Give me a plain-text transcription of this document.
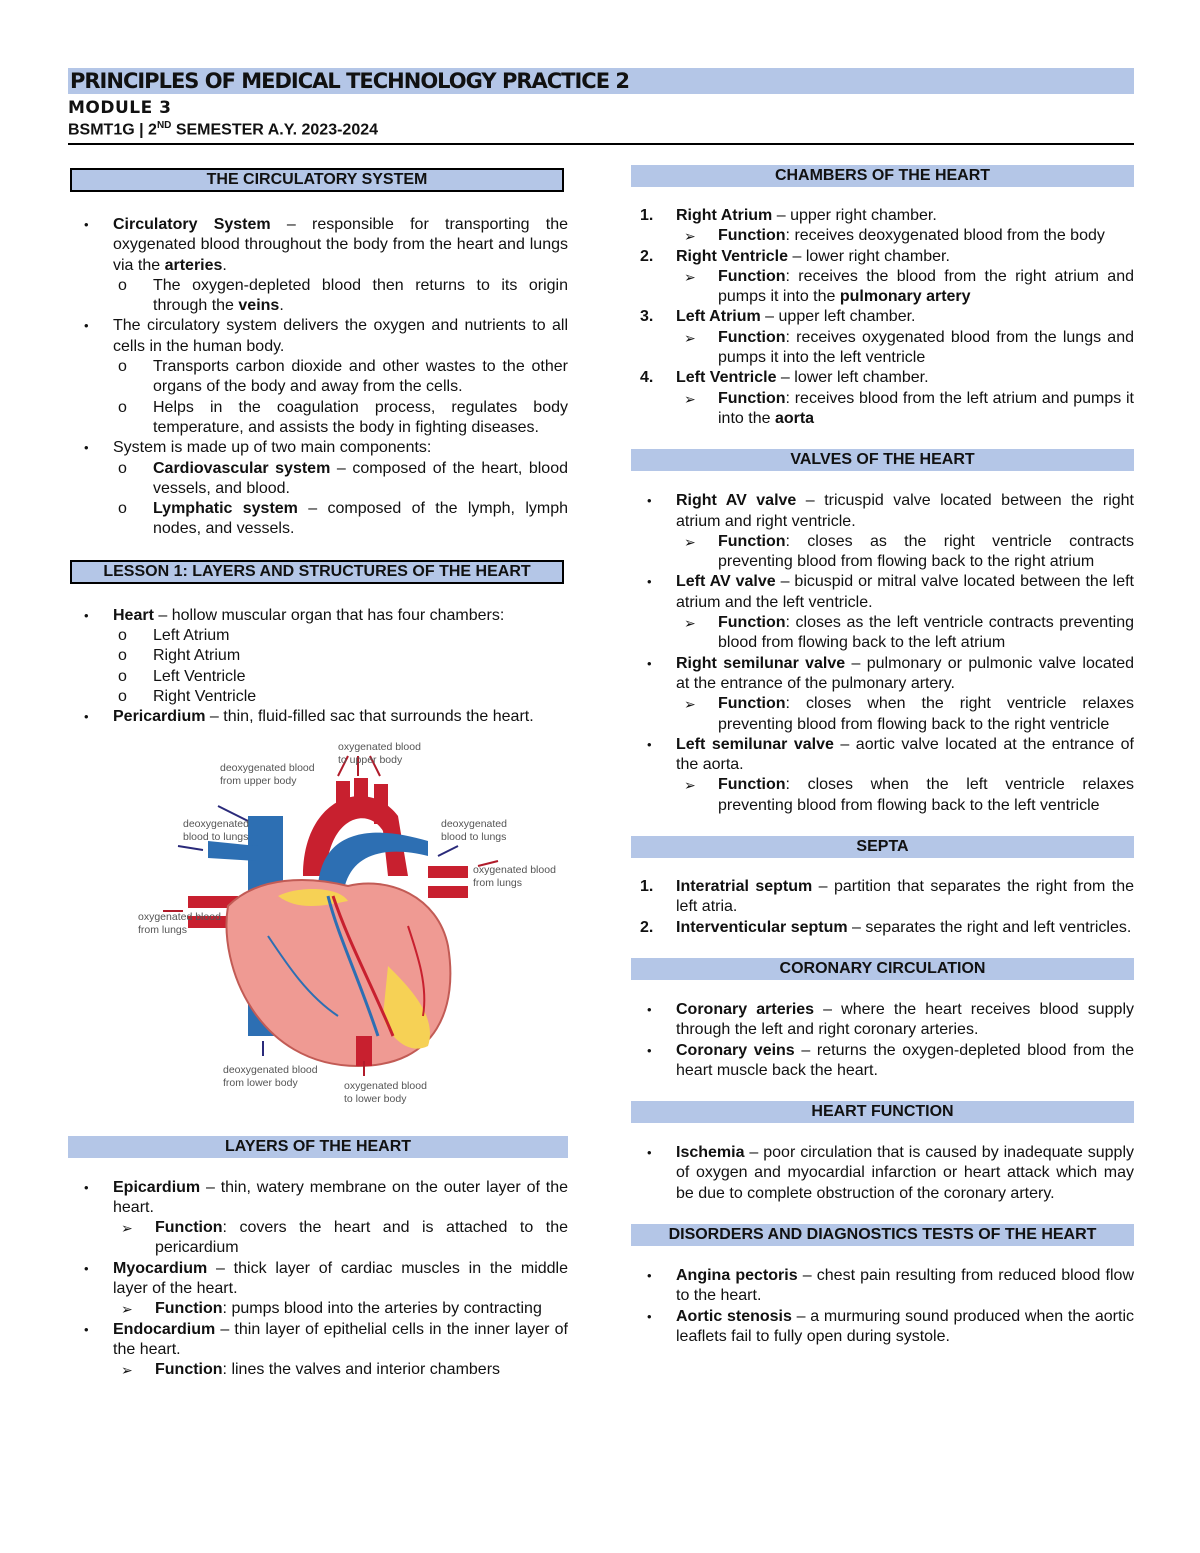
PRINCIPLES OF MEDICAL TECHNOLOGY PRACTICE 2
MODULE 3
BSMT1G | 2ND SEMESTER A.Y. 2023-2024
THE CIRCULATORY SYSTEM
• Circulatory System – responsible for transporting the oxygenated blood throughout the body from the heart and lungs via the arteries.
o The oxygen-depleted blood then returns to its origin through the veins.
• The circulatory system delivers the oxygen and nutrients to all cells in the human body.
o Transports carbon dioxide and other wastes to the other organs of the body and away from the cells.
o Helps in the coagulation process, regulates body temperature, and assists the body in fighting diseases.
• System is made up of two main components:
o Cardiovascular system – composed of the heart, blood vessels, and blood.
o Lymphatic system – composed of the lymph, lymph nodes, and vessels.
LESSON 1: LAYERS AND STRUCTURES OF THE HEART
• Heart – hollow muscular organ that has four chambers:
o Left Atrium
o Right Atrium
o Left Ventricle
o Right Ventricle
• Pericardium – thin, fluid-filled sac that surrounds the heart.
deoxygenated blood
from upper body
oxygenated blood
to upper body
deoxygenated
blood to lungs
deoxygenated
blood to lungs
oxygenated blood
from lungs
oxygenated blood
from lungs
deoxygenated blood
from lower body	oxygenated blood
to lower body
LAYERS OF THE HEART
• Epicardium – thin, watery membrane on the outer layer of the heart.
➢ Function: covers the heart and is attached to the pericardium
• Myocardium – thick layer of cardiac muscles in the middle layer of the heart.
➢ Function: pumps blood into the arteries by contracting
• Endocardium – thin layer of epithelial cells in the inner layer of the heart.
➢ Function: lines the valves and interior chambers
CHAMBERS OF THE HEART
1. Right Atrium – upper right chamber.
➢ Function: receives deoxygenated blood from the body
2. Right Ventricle – lower right chamber.
➢ Function: receives the blood from the right atrium and pumps it into the pulmonary artery
3. Left Atrium – upper left chamber.
➢ Function: receives oxygenated blood from the lungs and pumps it into the left ventricle
4. Left Ventricle – lower left chamber.
➢ Function: receives blood from the left atrium and pumps it into the aorta
VALVES OF THE HEART
• Right AV valve – tricuspid valve located between the right atrium and right ventricle.
➢ Function: closes as the right ventricle contracts preventing blood from flowing back to the right atrium
• Left AV valve – bicuspid or mitral valve located between the left atrium and the left ventricle.
➢ Function: closes as the left ventricle contracts preventing blood from flowing back to the left atrium
• Right semilunar valve – pulmonary or pulmonic valve located at the entrance of the pulmonary artery.
➢ Function: closes when the right ventricle relaxes preventing blood from flowing back to the right ventricle
• Left semilunar valve – aortic valve located at the entrance of the aorta.
➢ Function: closes when the left ventricle relaxes preventing blood from flowing back to the left ventricle
SEPTA
1. Interatrial septum – partition that separates the right from the left atria.
2. Interventicular septum – separates the right and left ventricles.
CORONARY CIRCULATION
• Coronary arteries – where the heart receives blood supply through the left and right coronary arteries.
• Coronary veins – returns the oxygen-depleted blood from the heart muscle back the heart.
HEART FUNCTION
• Ischemia – poor circulation that is caused by inadequate supply of oxygen and myocardial infarction or heart attack which may be due to complete obstruction of the coronary artery.
DISORDERS AND DIAGNOSTICS TESTS OF THE HEART
• Angina pectoris – chest pain resulting from reduced blood flow to the heart.
• Aortic stenosis – a murmuring sound produced when the aortic leaflets fail to fully open during systole.
